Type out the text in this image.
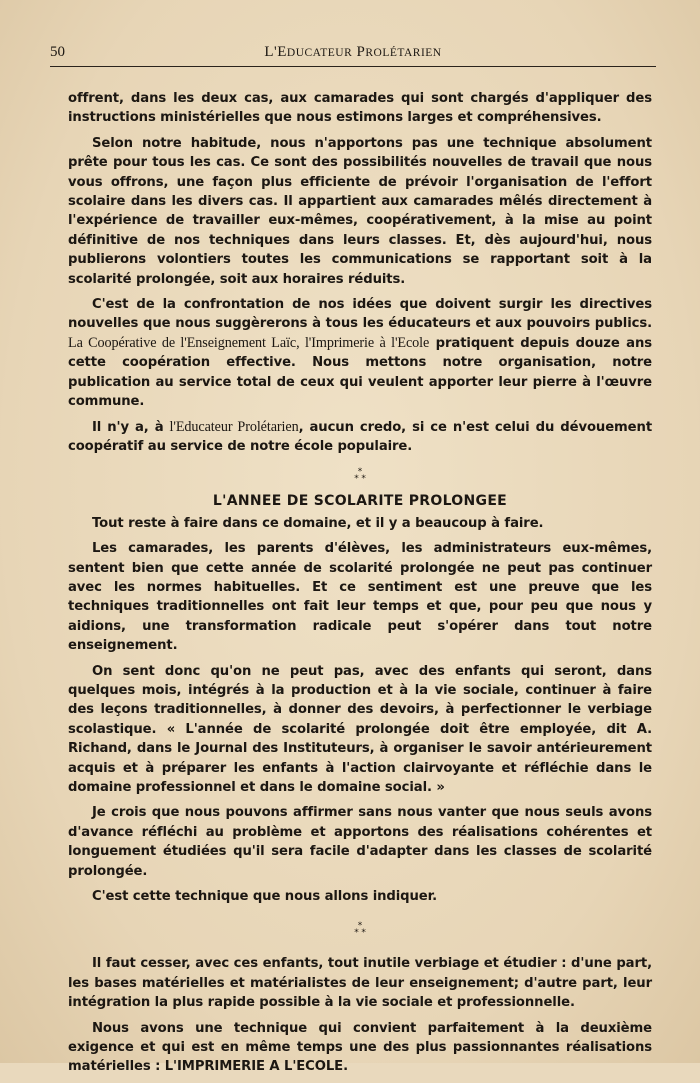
50	L'EDUCATEUR PROLÉTARIEN

offrent, dans les deux cas, aux camarades qui sont chargés d'appliquer des instructions ministérielles que nous estimons larges et compréhensives.

Selon notre habitude, nous n'apportons pas une technique absolument prête pour tous les cas. Ce sont des possibilités nouvelles de travail que nous vous offrons, une façon plus efficiente de prévoir l'organisation de l'effort scolaire dans les divers cas. Il appartient aux camarades mêlés directement à l'expérience de travailler eux-mêmes, coopérativement, à la mise au point définitive de nos techniques dans leurs classes. Et, dès aujourd'hui, nous publierons volontiers toutes les communications se rapportant soit à la scolarité prolongée, soit aux horaires réduits.

C'est de la confrontation de nos idées que doivent surgir les directives nouvelles que nous suggèrerons à tous les éducateurs et aux pouvoirs publics. La Coopérative de l'Enseignement Laïc, l'Imprimerie à l'Ecole pratiquent depuis douze ans cette coopération effective. Nous mettons notre organisation, notre publication au service total de ceux qui veulent apporter leur pierre à l'œuvre commune.

Il n'y a, à l'Educateur Prolétarien, aucun credo, si ce n'est celui du dévouement coopératif au service de notre école populaire.

*
* *
L'ANNEE DE SCOLARITE PROLONGEE

Tout reste à faire dans ce domaine, et il y a beaucoup à faire.

Les camarades, les parents d'élèves, les administrateurs eux-mêmes, sentent bien que cette année de scolarité prolongée ne peut pas continuer avec les normes habituelles. Et ce sentiment est une preuve que les techniques traditionnelles ont fait leur temps et que, pour peu que nous y aidions, une transformation radicale peut s'opérer dans tout notre enseignement.

On sent donc qu'on ne peut pas, avec des enfants qui seront, dans quelques mois, intégrés à la production et à la vie sociale, continuer à faire des leçons traditionnelles, à donner des devoirs, à perfectionner le verbiage scolastique. « L'année de scolarité prolongée doit être employée, dit A. Richand, dans le Journal des Instituteurs, à organiser le savoir antérieurement acquis et à préparer les enfants à l'action clairvoyante et réfléchie dans le domaine professionnel et dans le domaine social. »

Je crois que nous pouvons affirmer sans nous vanter que nous seuls avons d'avance réfléchi au problème et apportons des réalisations cohérentes et longuement étudiées qu'il sera facile d'adapter dans les classes de scolarité prolongée.

C'est cette technique que nous allons indiquer.

*
* *

Il faut cesser, avec ces enfants, tout inutile verbiage et étudier : d'une part, les bases matérielles et matérialistes de leur enseignement; d'autre part, leur intégration la plus rapide possible à la vie sociale et professionnelle.

Nous avons une technique qui convient parfaitement à la deuxième exigence et qui est en même temps une des plus passionnantes réalisations matérielles : L'IMPRIMERIE A L'ECOLE.
